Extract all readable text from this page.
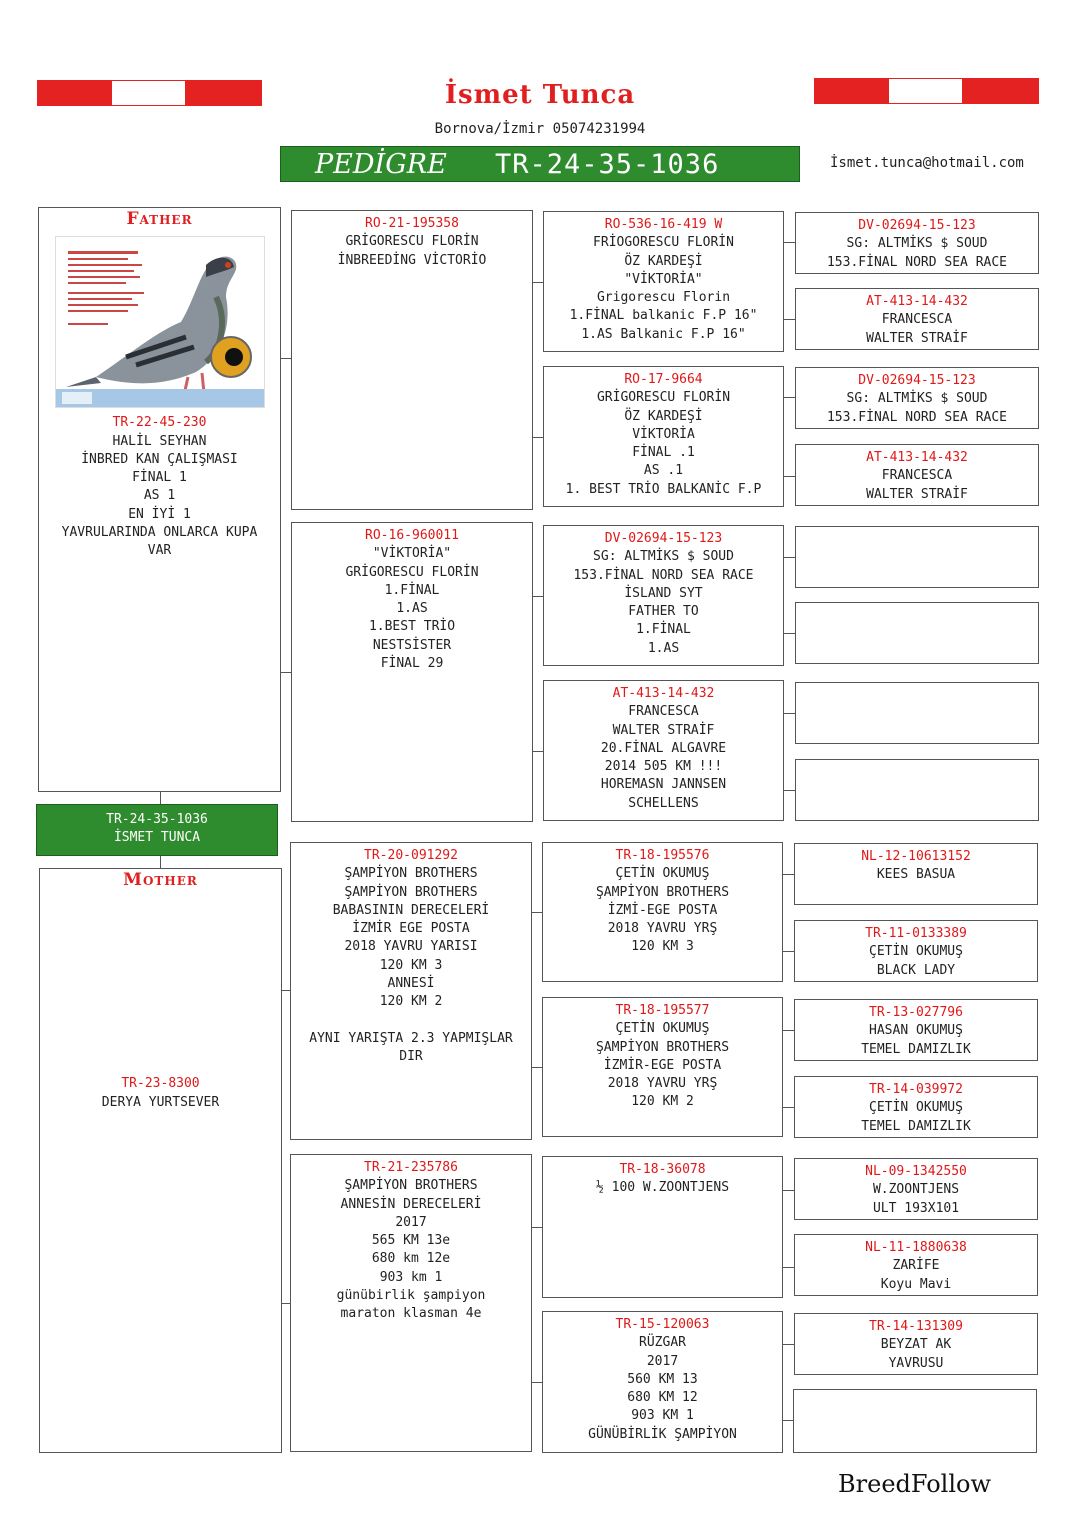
İsmet Tunca
Bornova/İzmir 05074231994
PEDİGRE	TR-24-35-1036	İsmet.tunca@hotmail.com
Father
TR-22-45-230
HALİL SEYHAN
İNBRED KAN ÇALIŞMASI
FİNAL 1
AS 1
EN İYİ 1
YAVRULARINDA ONLARCA KUPA
VAR
TR-24-35-1036
İSMET TUNCA
Mother
TR-23-8300
DERYA YURTSEVER
RO-21-195358
GRİGORESCU FLORİN
İNBREEDİNG VİCTORİO
RO-16-960011
"VİKTORİA"
GRİGORESCU FLORİN
1.FİNAL
1.AS
1.BEST TRİO
NESTSİSTER
FİNAL 29
TR-20-091292
ŞAMPİYON BROTHERS
ŞAMPİYON BROTHERS
BABASININ DERECELERİ
İZMİR EGE POSTA
2018 YAVRU YARISI
120 KM 3
ANNESİ
120 KM 2
AYNI YARIŞTA 2.3 YAPMIŞLAR
DIR
TR-21-235786
ŞAMPİYON BROTHERS
ANNESİN DERECELERİ
2017
565 KM 13e
680 km 12e
903 km 1
günübirlik şampiyon
maraton klasman 4e
RO-536-16-419 W
FRİOGORESCU FLORİN
ÖZ KARDEŞİ
"VİKTORİA"
Grigorescu Florin
1.FİNAL balkanic F.P 16"
1.AS Balkanic F.P 16"
RO-17-9664
GRİGORESCU FLORİN
ÖZ KARDEŞİ
VİKTORİA
FİNAL .1
AS .1
1. BEST TRİO BALKANİC F.P
DV-02694-15-123
SG: ALTMİKS $ SOUD
153.FİNAL NORD SEA RACE
İSLAND SYT
FATHER TO
1.FİNAL
1.AS
AT-413-14-432
FRANCESCA
WALTER STRAİF
20.FİNAL ALGAVRE
2014 505 KM !!!
HOREMASN JANNSEN
SCHELLENS
TR-18-195576
ÇETİN OKUMUŞ
ŞAMPİYON BROTHERS
İZMİ-EGE POSTA
2018 YAVRU YRŞ
120 KM 3
TR-18-195577
ÇETİN OKUMUŞ
ŞAMPİYON BROTHERS
İZMİR-EGE POSTA
2018 YAVRU YRŞ
120 KM 2
TR-18-36078
½ 100 W.ZOONTJENS
TR-15-120063
RÜZGAR
2017
560 KM 13
680 KM 12
903 KM 1
GÜNÜBİRLİK ŞAMPİYON
DV-02694-15-123
SG: ALTMİKS $ SOUD
153.FİNAL NORD SEA RACE
AT-413-14-432
FRANCESCA
WALTER STRAİF
DV-02694-15-123
SG: ALTMİKS $ SOUD
153.FİNAL NORD SEA RACE
AT-413-14-432
FRANCESCA
WALTER STRAİF
NL-12-10613152
KEES BASUA
TR-11-0133389
ÇETİN OKUMUŞ
BLACK LADY
TR-13-027796
HASAN OKUMUŞ
TEMEL DAMIZLIK
TR-14-039972
ÇETİN OKUMUŞ
TEMEL DAMIZLIK
NL-09-1342550
W.ZOONTJENS
ULT 193X101
NL-11-1880638
ZARİFE
Koyu Mavi
TR-14-131309
BEYZAT AK
YAVRUSU
BreedFollow
